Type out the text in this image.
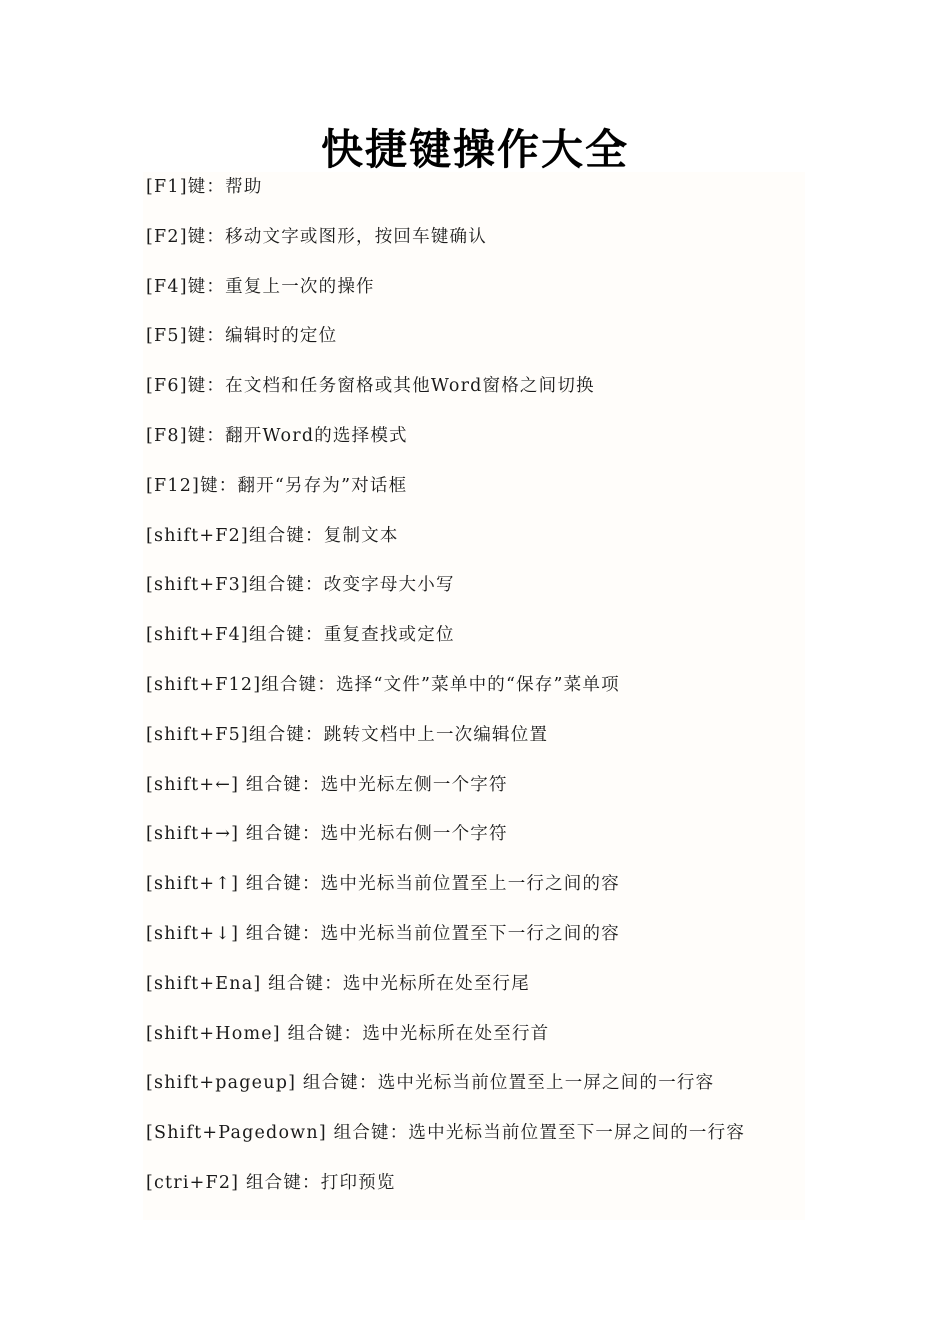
快捷键操作大全
[F1]键：帮助
[F2]键：移动文字或图形，按回车键确认
[F4]键：重复上一次的操作
[F5]键：编辑时的定位
[F6]键：在文档和任务窗格或其他Word窗格之间切换
[F8]键：翻开Word的选择模式
[F12]键：翻开“另存为”对话框
[shift+F2]组合键：复制文本
[shift+F3]组合键：改变字母大小写
[shift+F4]组合键：重复查找或定位
[shift+F12]组合键：选择“文件”菜单中的“保存”菜单项
[shift+F5]组合键：跳转文档中上一次编辑位置
[shift+←] 组合键：选中光标左侧一个字符
[shift+→] 组合键：选中光标右侧一个字符
[shift+↑] 组合键：选中光标当前位置至上一行之间的容
[shift+↓] 组合键：选中光标当前位置至下一行之间的容
[shift+Ena] 组合键：选中光标所在处至行尾
[shift+Home] 组合键：选中光标所在处至行首
[shift+pageup] 组合键：选中光标当前位置至上一屏之间的一行容
[Shift+Pagedown] 组合键：选中光标当前位置至下一屏之间的一行容
[ctri+F2] 组合键：打印预览
